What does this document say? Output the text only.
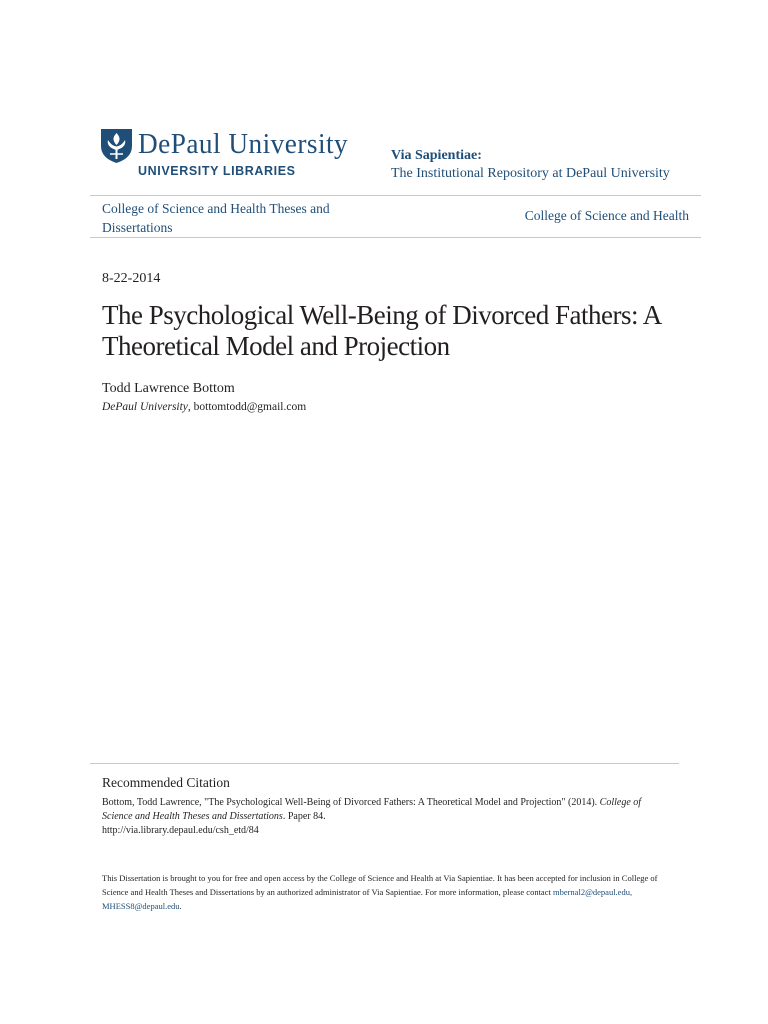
DePaul University
UNIVERSITY LIBRARIES
Via Sapientiae:
The Institutional Repository at DePaul University
College of Science and Health Theses and Dissertations
College of Science and Health
8-22-2014
The Psychological Well-Being of Divorced Fathers: A Theoretical Model and Projection
Todd Lawrence Bottom
DePaul University, bottomtodd@gmail.com
Recommended Citation
Bottom, Todd Lawrence, "The Psychological Well-Being of Divorced Fathers: A Theoretical Model and Projection" (2014). College of Science and Health Theses and Dissertations. Paper 84.
http://via.library.depaul.edu/csh_etd/84
This Dissertation is brought to you for free and open access by the College of Science and Health at Via Sapientiae. It has been accepted for inclusion in College of Science and Health Theses and Dissertations by an authorized administrator of Via Sapientiae. For more information, please contact mbernal2@depaul.edu, MHESS8@depaul.edu.
